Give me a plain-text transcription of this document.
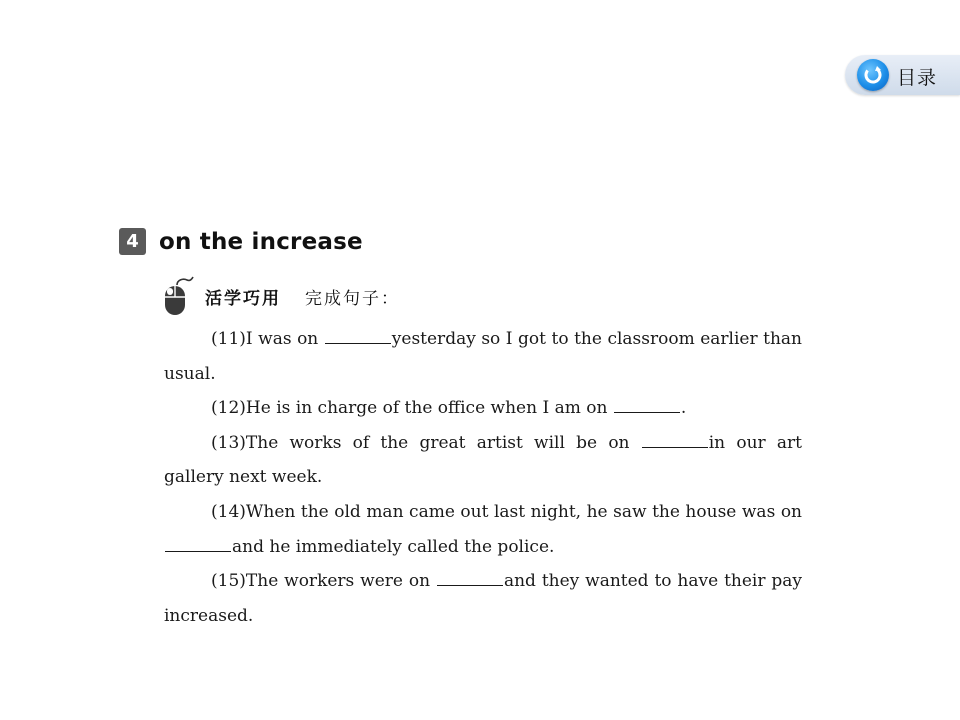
目录
4 on the increase
活学巧用 完成句子：

(11)I was on	yesterday so I got to the classroom earlier than usual.

(12)He is in charge of the office when I am on	.

(13)The works of the great artist will be on	in our art gallery next week.

(14)When the old man came out last night, he saw the house was on and he immediately called the police.

(15)The workers were on	and they wanted to have their pay increased.
